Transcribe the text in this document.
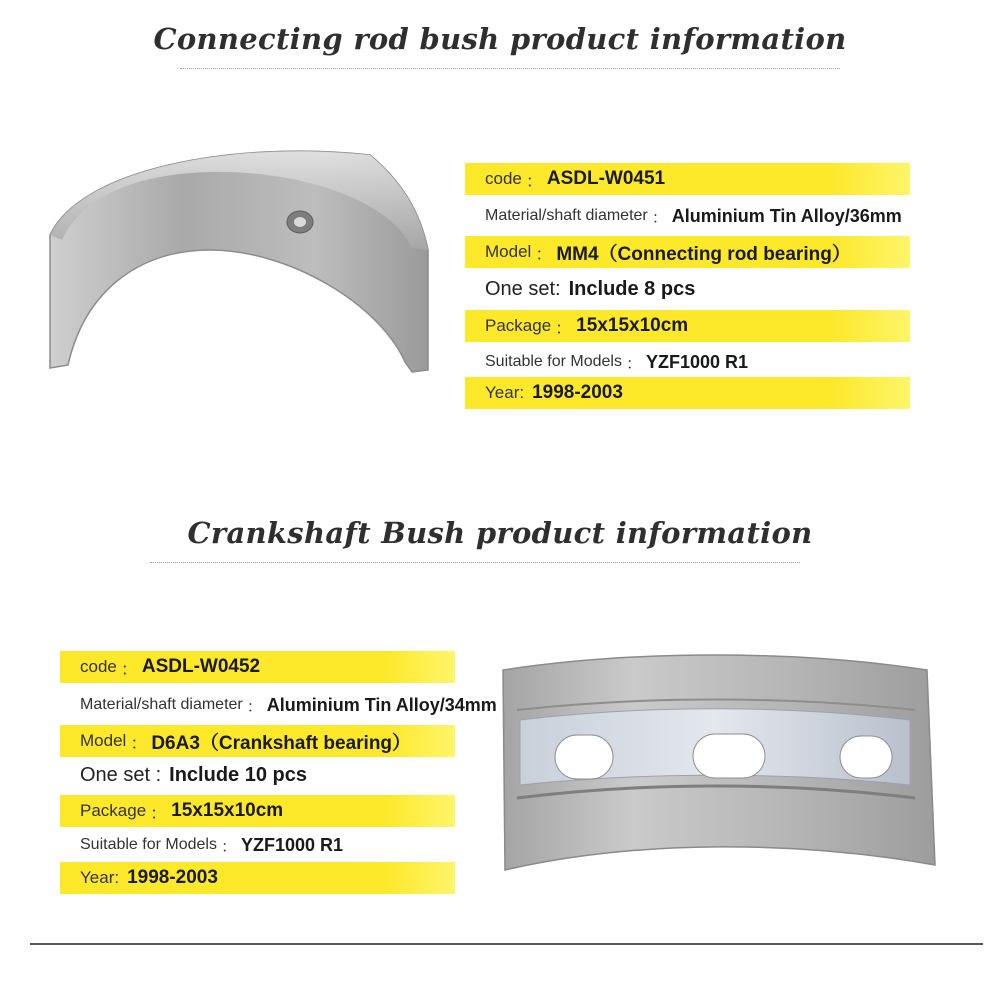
Connecting rod bush product information
code ： ASDL-W0451
Material/shaft diameter ： Aluminium Tin Alloy/36mm
Model ： MM4（Connecting rod bearing）
One set: Include 8 pcs
Package ： 15x15x10cm
Suitable for Models ： YZF1000 R1
Year: 1998-2003
Crankshaft Bush product information
code ： ASDL-W0452
Material/shaft diameter ： Aluminium Tin Alloy/34mm
Model ： D6A3（Crankshaft bearing）
One set : Include 10 pcs
Package ： 15x15x10cm
Suitable for Models ： YZF1000 R1
Year: 1998-2003
